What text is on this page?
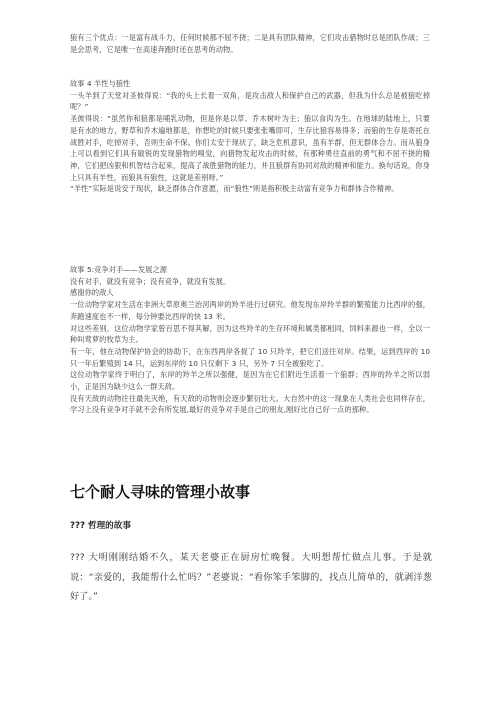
狼有三个优点：一是富有战斗力，任何时候都不屈不挠；二是具有团队精神，它们攻击猎物时总是团队作战；三是会思考，它是唯一在高速奔跑时还在思考的动物。

故事 4 羊性与狼性

一头羊到了天堂对圣彼得说：“我的头上长着一双角，是攻击敌人和保护自己的武器，但我为什么总是被狼吃掉呢？”

圣彼得说：“虽然你和狼都是哺乳动物，但是你是以草、乔木树叶为主；狼以食肉为生。在地球的陆地上，只要是有水的地方，野草和乔木遍地都是，你想吃的时候只要张张嘴即可，生存比狼容易得多；而狼的生存是寄托在战胜对手，吃掉对手，否则生命不保。你们太安于现状了，缺乏危机意识，虽有羊群，但无群体合力。而从狼身上可以看到它们具有敏锐的发现猎物的嗅觉，向猎物发起攻击的时候，有那种勇往直前的勇气和不屈不挠的精神，它们把凶狠和机智结合起来，提高了战胜猎物的能力，并且狼群有协同对敌的精神和能力。换句话说，你身上只具有羊性，而狼具有狼性，这就是差别呀。”

“羊性”实际是说安于现状，缺乏群体合作意愿，而“狼性”则是指积极主动富有竞争力和群体合作精神。

故事 5:竞争对手——发展之源

没有对手，就没有竞争；没有竞争，就没有发展。

感谢你的敌人

一位动物学家对生活在非洲大草原奥兰治河两岸的羚羊进行过研究。他发现东岸羚羊群的繁殖能力比西岸的强，奔跑速度也不一样，每分钟要比西岸的快 13 米。

对这些差别，这位动物学家曾百思不得其解，因为这些羚羊的生存环境和属类都相同，饲料来源也一样，全以一种叫莺萝的牧草为主。

有一年，他在动物保护协会的协助下，在东西两岸各捉了 10 只羚羊，把它们送往对岸。结果，运到西岸的 10 只一年后繁殖到 14 只，运到东岸的 10 只仅剩下 3 只，另外 7 只全被狼吃了。

这位动物学家终于明白了，东岸的羚羊之所以强健，是因为在它们附近生活着一个狼群；西岸的羚羊之所以弱小，正是因为缺少这么一群天敌。

没有天敌的动物往往最先灭绝，有天敌的动物则会逐步繁衍壮大。大自然中的这一现象在人类社会也同样存在，学习上没有竞争对手就不会有所发展,最好的竞争对手是自己的朋友,刚好比自己好一点的那种。

七个耐人寻味的管理小故事

??? 哲理的故事

??? 大明刚刚结婚不久，某天老婆正在厨房忙晚餐。大明想帮忙做点儿事。于是就说：“亲爱的，我能帮什么忙吗？”老婆说：“看你笨手笨脚的，找点儿简单的，就剥洋葱好了。”
